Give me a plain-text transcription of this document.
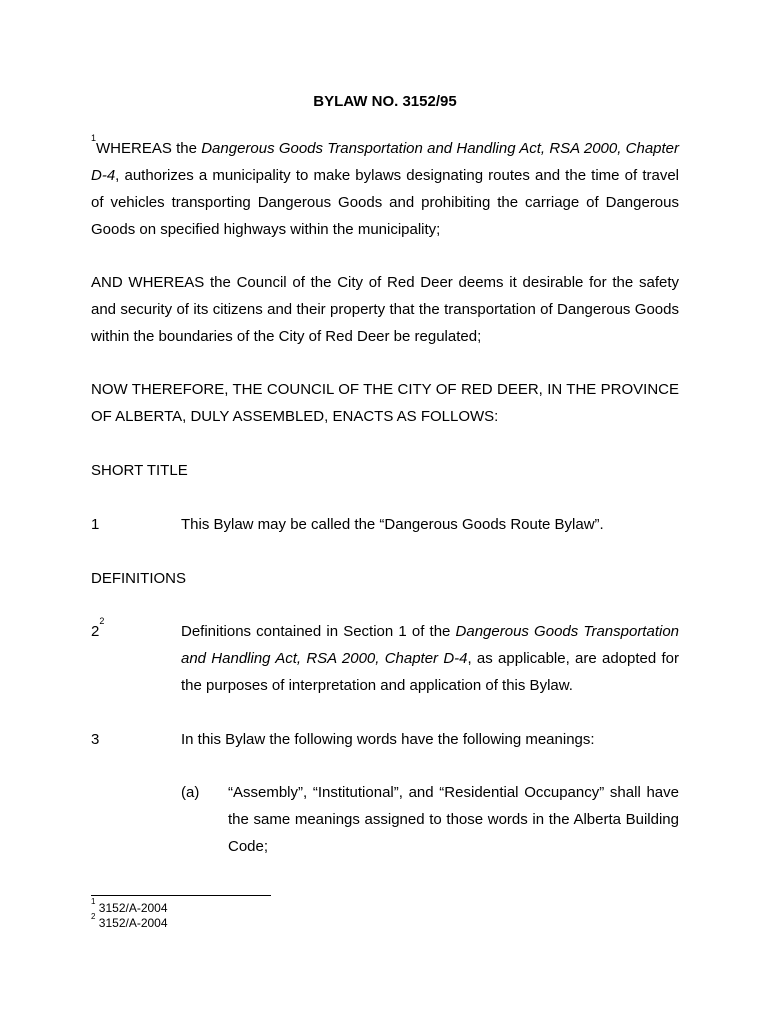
BYLAW NO. 3152/95

$^1$WHEREAS the Dangerous Goods Transportation and Handling Act, RSA 2000, Chapter D-4, authorizes a municipality to make bylaws designating routes and the time of travel of vehicles transporting Dangerous Goods and prohibiting the carriage of Dangerous Goods on specified highways within the municipality;

AND WHEREAS the Council of the City of Red Deer deems it desirable for the safety and security of its citizens and their property that the transportation of Dangerous Goods within the boundaries of the City of Red Deer be regulated;

NOW THEREFORE, THE COUNCIL OF THE CITY OF RED DEER, IN THE PROVINCE OF ALBERTA, DULY ASSEMBLED, ENACTS AS FOLLOWS:

SHORT TITLE
1	This Bylaw may be called the “Dangerous Goods Route Bylaw”.
DEFINITIONS
$2^2$

Definitions contained in Section 1 of the Dangerous Goods Transportation and Handling Act, RSA 2000, Chapter D-4, as applicable, are adopted for the purposes of interpretation and application of this Bylaw.

3	In this Bylaw the following words have the following meanings:
(a) “Assembly”, “Institutional”, and “Residential Occupancy” shall have the same meanings assigned to those words in the Alberta Building Code;

$^1$ 3152/A-2004
$^2$ 3152/A-2004
